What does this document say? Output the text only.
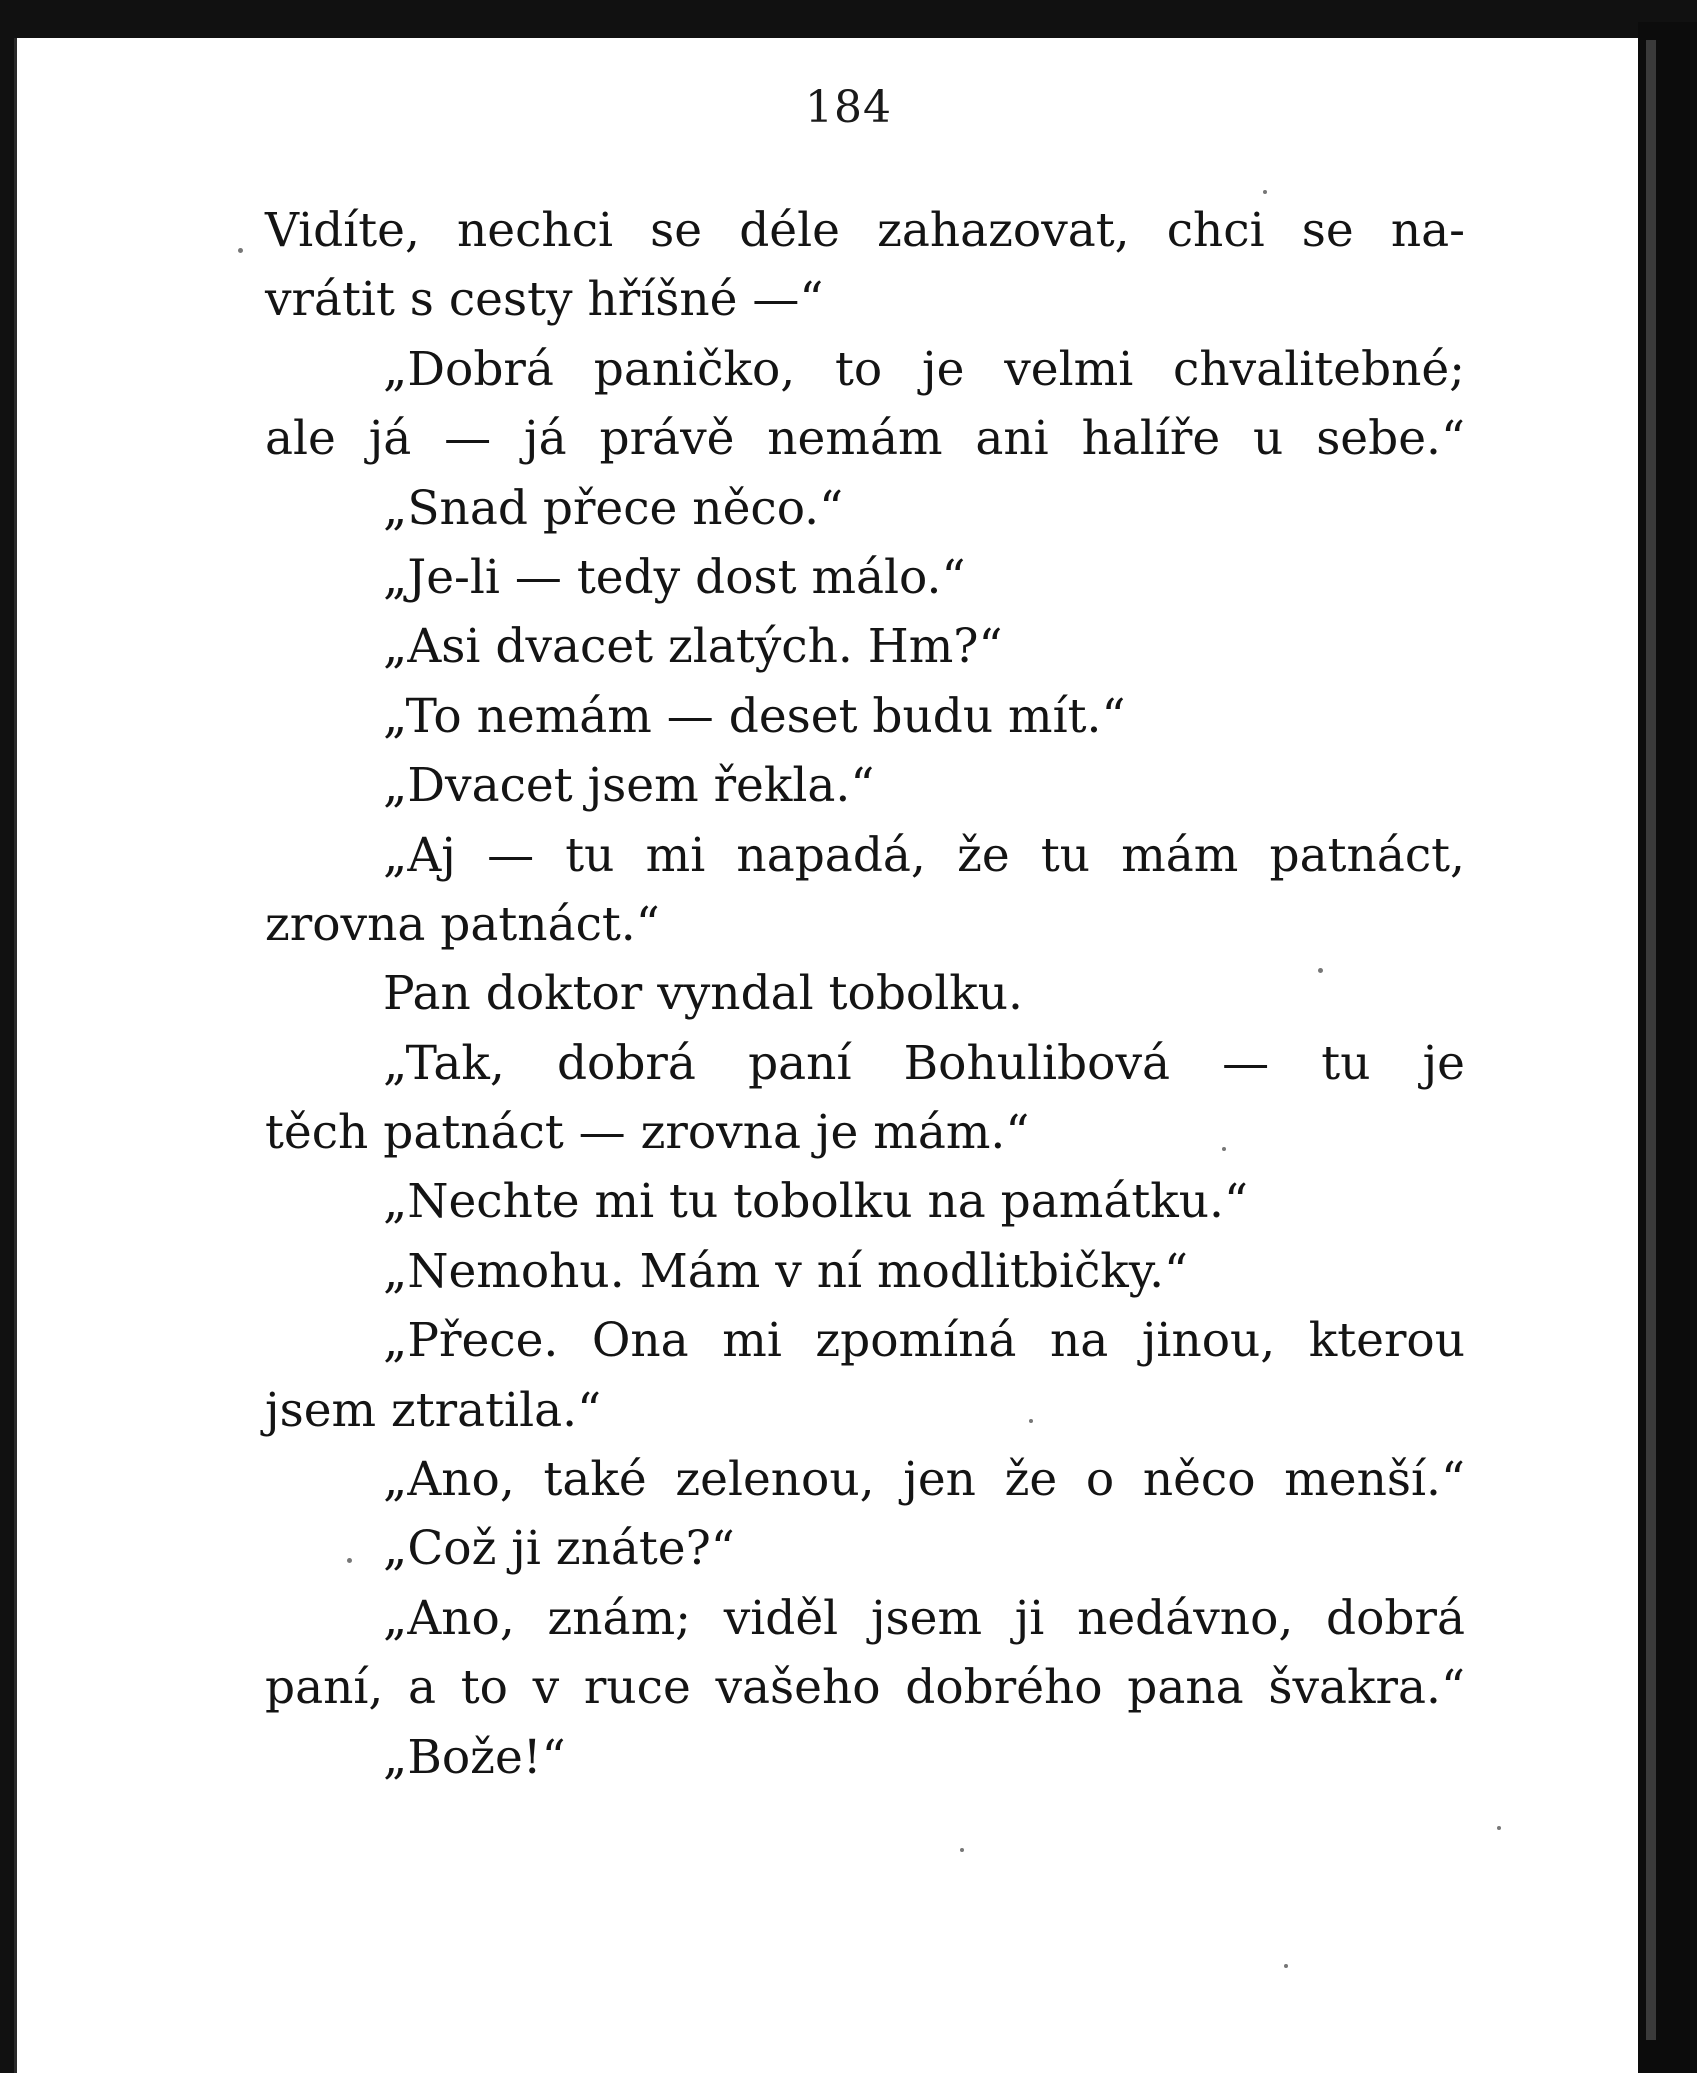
184
Vidíte, nechci se déle zahazovat, chci se na-
vrátit s cesty hříšné —“
„Dobrá paničko, to je velmi chvalitebné;
ale já — já právě nemám ani halíře u sebe.“
„Snad přece něco.“
„Je-li — tedy dost málo.“
„Asi dvacet zlatých. Hm?“
„To nemám — deset budu mít.“
„Dvacet jsem řekla.“
„Aj — tu mi napadá, že tu mám patnáct,
zrovna patnáct.“
Pan doktor vyndal tobolku.
„Tak, dobrá paní Bohulibová — tu je
těch patnáct — zrovna je mám.“
„Nechte mi tu tobolku na památku.“
„Nemohu. Mám v ní modlitbičky.“
„Přece. Ona mi zpomíná na jinou, kterou
jsem ztratila.“
„Ano, také zelenou, jen že o něco menší.“
„Což ji znáte?“
„Ano, znám; viděl jsem ji nedávno, dobrá
paní, a to v ruce vašeho dobrého pana švakra.“
„Bože!“
